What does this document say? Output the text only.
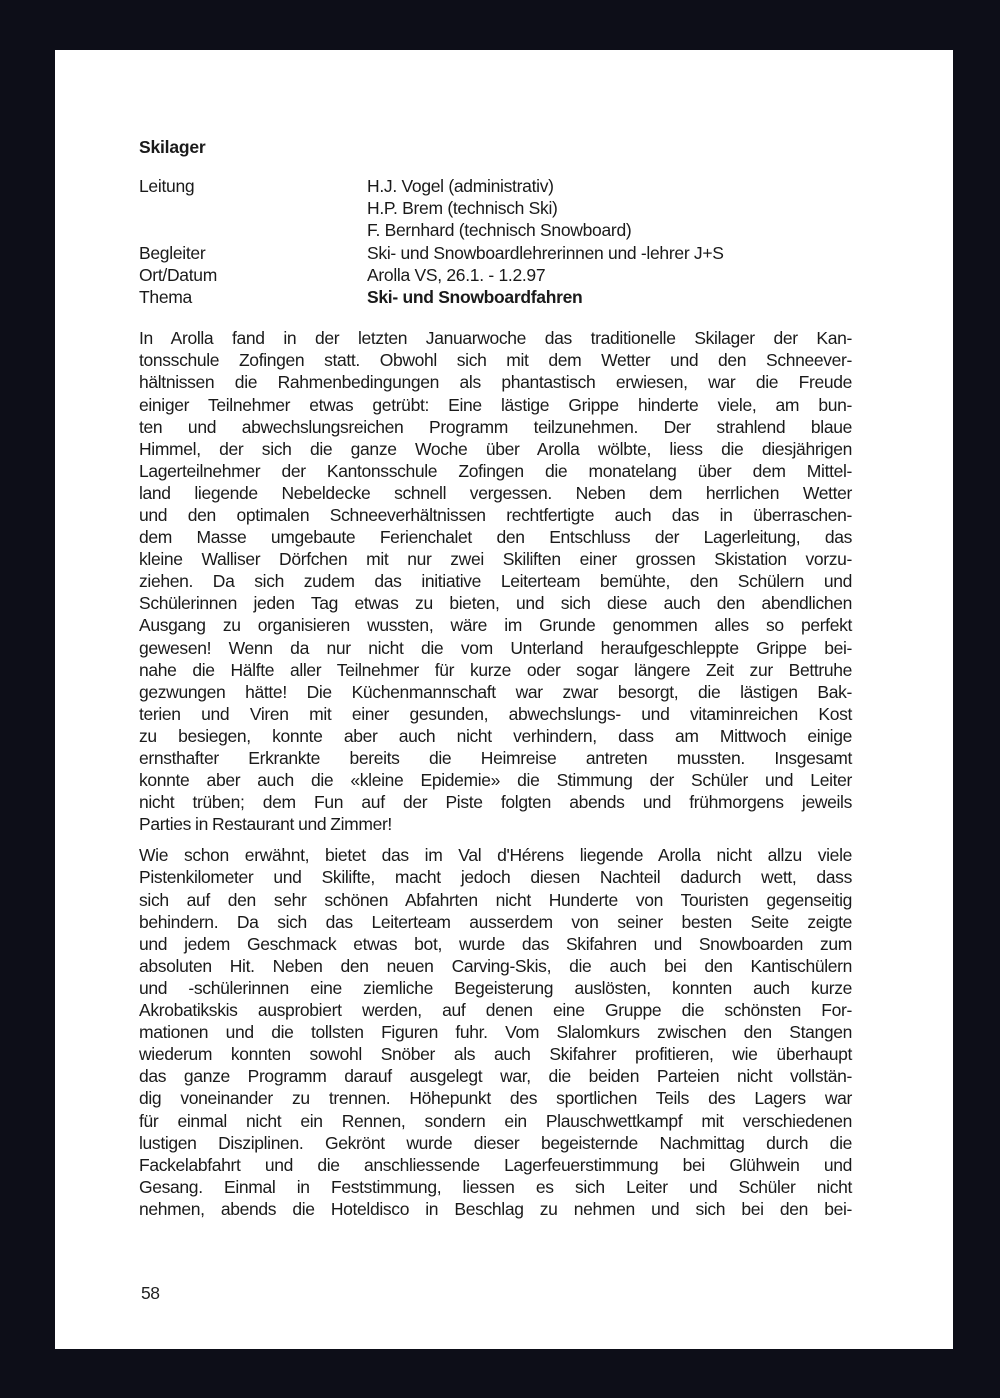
Skilager
Leitung	H.J. Vogel (administrativ)
H.P. Brem (technisch Ski)
F. Bernhard (technisch Snowboard)
Begleiter	Ski- und Snowboardlehrerinnen und -lehrer J+S
Ort/Datum	Arolla VS, 26.1. - 1.2.97
Thema	Ski- und Snowboardfahren

In Arolla fand in der letzten Januarwoche das traditionelle Skilager der Kan-
tonsschule Zofingen statt. Obwohl sich mit dem Wetter und den Schneever-
hältnissen die Rahmenbedingungen als phantastisch erwiesen, war die Freude
einiger Teilnehmer etwas getrübt: Eine lästige Grippe hinderte viele, am bun-
ten und abwechslungsreichen Programm teilzunehmen. Der strahlend blaue
Himmel, der sich die ganze Woche über Arolla wölbte, liess die diesjährigen
Lagerteilnehmer der Kantonsschule Zofingen die monatelang über dem Mittel-
land liegende Nebeldecke schnell vergessen. Neben dem herrlichen Wetter
und den optimalen Schneeverhältnissen rechtfertigte auch das in überraschen-
dem Masse umgebaute Ferienchalet den Entschluss der Lagerleitung, das
kleine Walliser Dörfchen mit nur zwei Skiliften einer grossen Skistation vorzu-
ziehen. Da sich zudem das initiative Leiterteam bemühte, den Schülern und
Schülerinnen jeden Tag etwas zu bieten, und sich diese auch den abendlichen
Ausgang zu organisieren wussten, wäre im Grunde genommen alles so perfekt
gewesen! Wenn da nur nicht die vom Unterland heraufgeschleppte Grippe bei-
nahe die Hälfte aller Teilnehmer für kurze oder sogar längere Zeit zur Bettruhe
gezwungen hätte! Die Küchenmannschaft war zwar besorgt, die lästigen Bak-
terien und Viren mit einer gesunden, abwechslungs- und vitaminreichen Kost
zu besiegen, konnte aber auch nicht verhindern, dass am Mittwoch einige
ernsthafter Erkrankte bereits die Heimreise antreten mussten. Insgesamt
konnte aber auch die «kleine Epidemie» die Stimmung der Schüler und Leiter
nicht trüben; dem Fun auf der Piste folgten abends und frühmorgens jeweils
Parties in Restaurant und Zimmer!

Wie schon erwähnt, bietet das im Val d'Hérens liegende Arolla nicht allzu viele
Pistenkilometer und Skilifte, macht jedoch diesen Nachteil dadurch wett, dass
sich auf den sehr schönen Abfahrten nicht Hunderte von Touristen gegenseitig
behindern. Da sich das Leiterteam ausserdem von seiner besten Seite zeigte
und jedem Geschmack etwas bot, wurde das Skifahren und Snowboarden zum
absoluten Hit. Neben den neuen Carving-Skis, die auch bei den Kantischülern
und -schülerinnen eine ziemliche Begeisterung auslösten, konnten auch kurze
Akrobatikskis ausprobiert werden, auf denen eine Gruppe die schönsten For-
mationen und die tollsten Figuren fuhr. Vom Slalomkurs zwischen den Stangen
wiederum konnten sowohl Snöber als auch Skifahrer profitieren, wie überhaupt
das ganze Programm darauf ausgelegt war, die beiden Parteien nicht vollstän-
dig voneinander zu trennen. Höhepunkt des sportlichen Teils des Lagers war
für einmal nicht ein Rennen, sondern ein Plauschwettkampf mit verschiedenen
lustigen Disziplinen. Gekrönt wurde dieser begeisternde Nachmittag durch die
Fackelabfahrt und die anschliessende Lagerfeuerstimmung bei Glühwein und
Gesang. Einmal in Feststimmung, liessen es sich Leiter und Schüler nicht
nehmen, abends die Hoteldisco in Beschlag zu nehmen und sich bei den bei-

58
